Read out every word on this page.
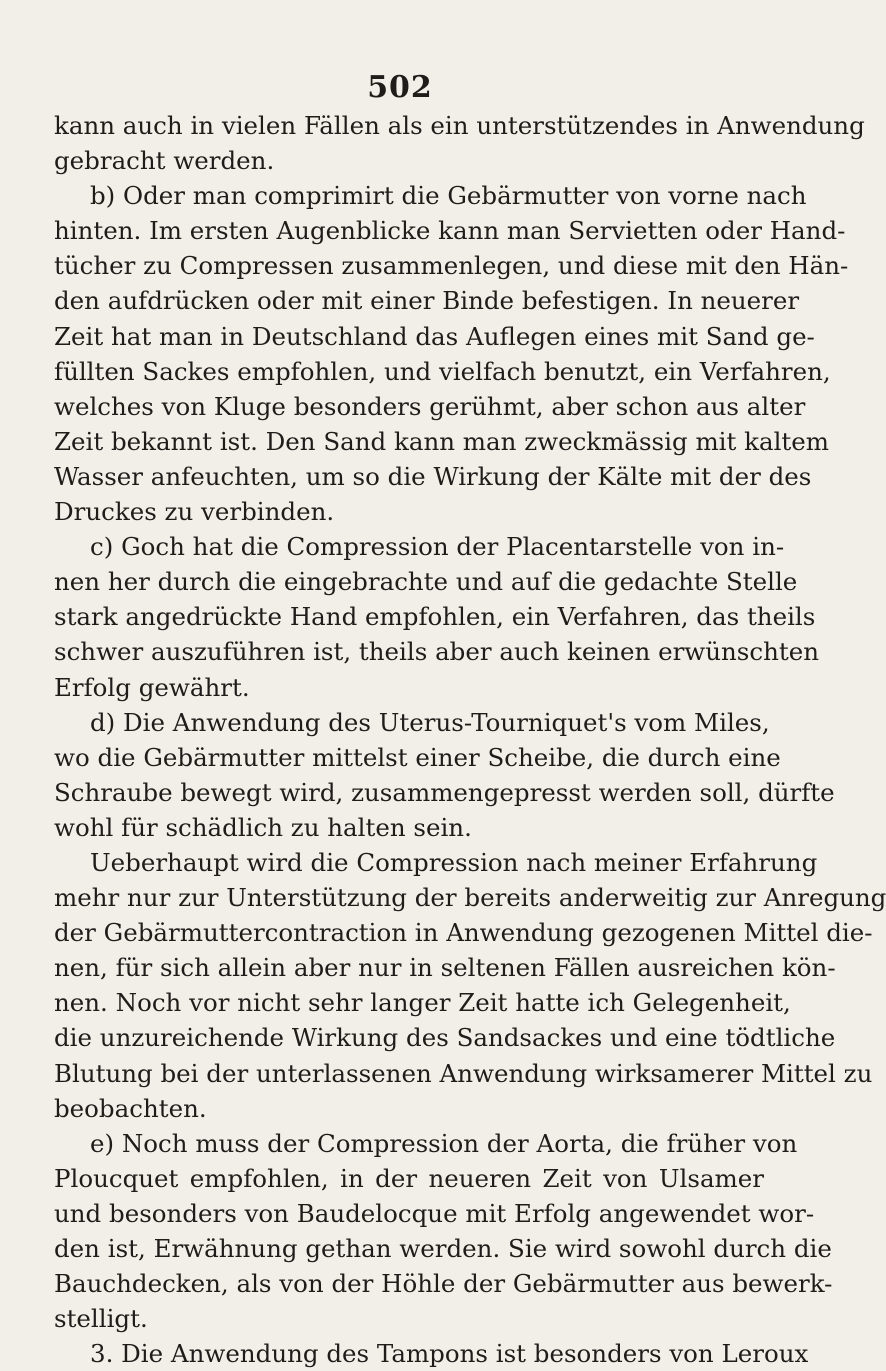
502
kann auch in vielen Fällen als ein unterstützendes in Anwendung
gebracht werden.
b) Oder man comprimirt die Gebärmutter von vorne nach
hinten. Im ersten Augenblicke kann man Servietten oder Hand-
tücher zu Compressen zusammenlegen, und diese mit den Hän-
den aufdrücken oder mit einer Binde befestigen. In neuerer
Zeit hat man in Deutschland das Auflegen eines mit Sand ge-
füllten Sackes empfohlen, und vielfach benutzt, ein Verfahren,
welches von Kluge besonders gerühmt, aber schon aus alter
Zeit bekannt ist. Den Sand kann man zweckmässig mit kaltem
Wasser anfeuchten, um so die Wirkung der Kälte mit der des
Druckes zu verbinden.
c) Goch hat die Compression der Placentarstelle von in-
nen her durch die eingebrachte und auf die gedachte Stelle
stark angedrückte Hand empfohlen, ein Verfahren, das theils
schwer auszuführen ist, theils aber auch keinen erwünschten
Erfolg gewährt.
d) Die Anwendung des Uterus-Tourniquet's vom Miles,
wo die Gebärmutter mittelst einer Scheibe, die durch eine
Schraube bewegt wird, zusammengepresst werden soll, dürfte
wohl für schädlich zu halten sein.
Ueberhaupt wird die Compression nach meiner Erfahrung
mehr nur zur Unterstützung der bereits anderweitig zur Anregung
der Gebärmuttercontraction in Anwendung gezogenen Mittel die-
nen, für sich allein aber nur in seltenen Fällen ausreichen kön-
nen. Noch vor nicht sehr langer Zeit hatte ich Gelegenheit,
die unzureichende Wirkung des Sandsackes und eine tödtliche
Blutung bei der unterlassenen Anwendung wirksamerer Mittel zu
beobachten.
e) Noch muss der Compression der Aorta, die früher von
Ploucquet empfohlen, in der neueren Zeit von Ulsamer
und besonders von Baudelocque mit Erfolg angewendet wor-
den ist, Erwähnung gethan werden. Sie wird sowohl durch die
Bauchdecken, als von der Höhle der Gebärmutter aus bewerk-
stelligt.
3. Die Anwendung des Tampons ist besonders von Leroux
